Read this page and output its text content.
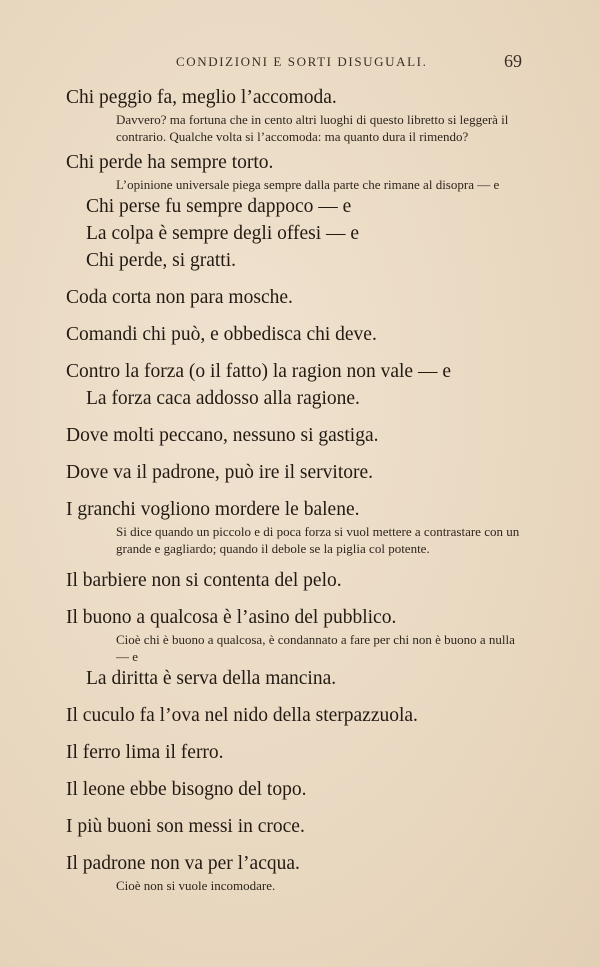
CONDIZIONI E SORTI DISUGUALI.	69
Chi peggio fa, meglio l’accomoda.
Davvero? ma fortuna che in cento altri luoghi di questo libretto si leggerà il contrario. Qualche volta si l’accomoda: ma quanto dura il rimendo?
Chi perde ha sempre torto.
L’opinione universale piega sempre dalla parte che rimane al disopra — e
Chi perse fu sempre dappoco — e
La colpa è sempre degli offesi — e
Chi perde, si gratti.
Coda corta non para mosche.
Comandi chi può, e obbedisca chi deve.
Contro la forza (o il fatto) la ragion non vale — e
La forza caca addosso alla ragione.
Dove molti peccano, nessuno si gastiga.
Dove va il padrone, può ire il servitore.
I granchi vogliono mordere le balene.
Si dice quando un piccolo e di poca forza si vuol mettere a contrastare con un grande e gagliardo; quando il debole se la piglia col potente.
Il barbiere non si contenta del pelo.
Il buono a qualcosa è l’asino del pubblico.
Cioè chi è buono a qualcosa, è condannato a fare per chi non è buono a nulla — e
La diritta è serva della mancina.
Il cuculo fa l’ova nel nido della sterpazzuola.
Il ferro lima il ferro.
Il leone ebbe bisogno del topo.
I più buoni son messi in croce.
Il padrone non va per l’acqua.
Cioè non si vuole incomodare.
